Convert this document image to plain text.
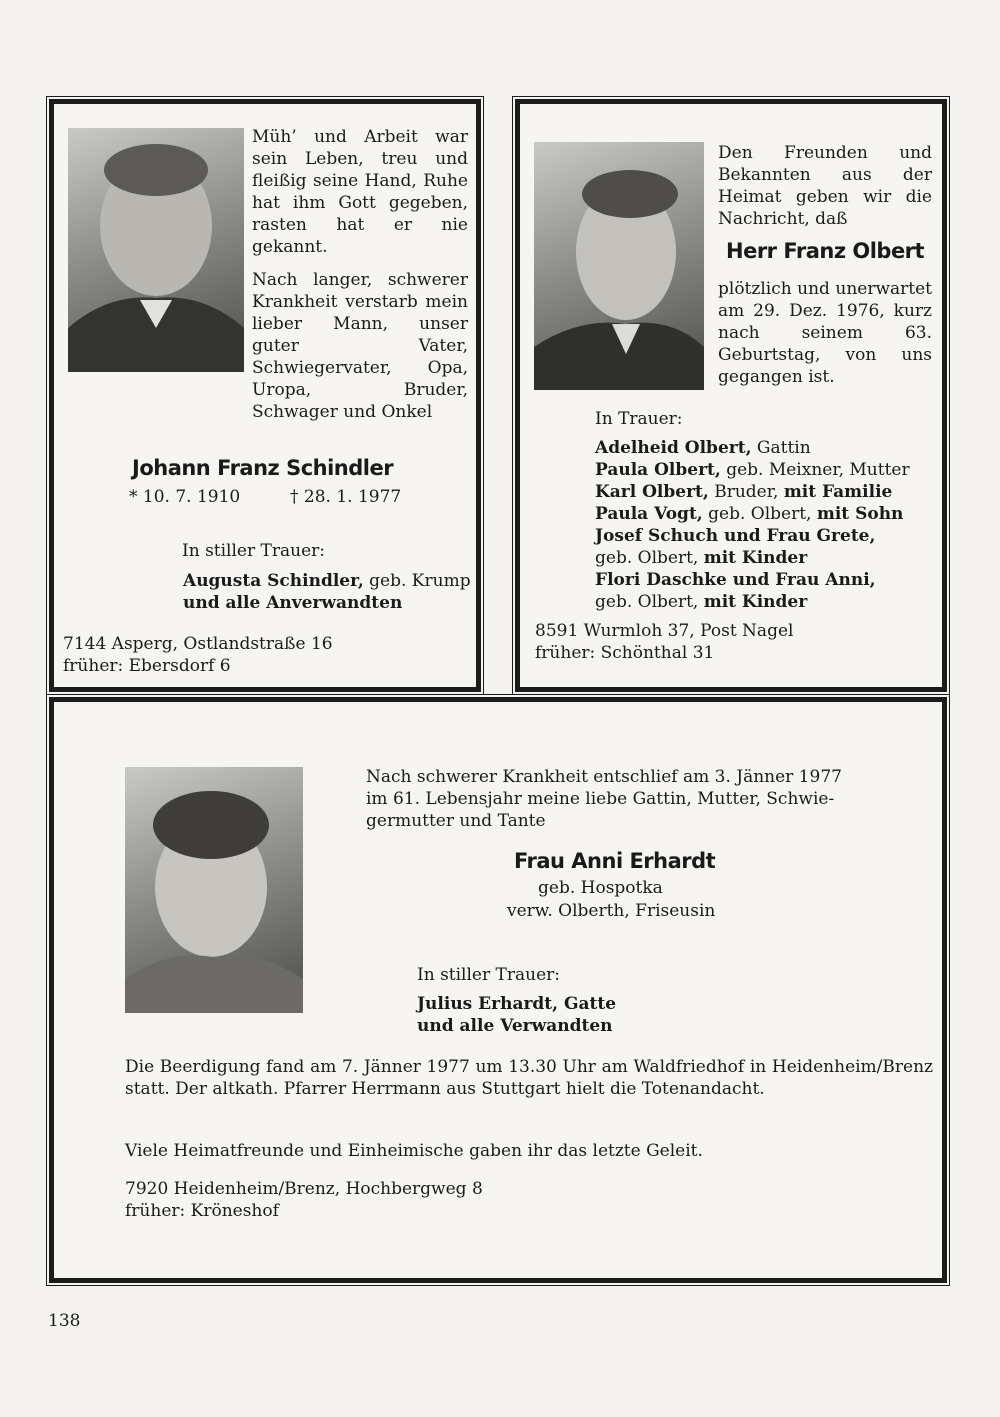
Müh’ und Arbeit war sein Leben, treu und fleißig seine Hand, Ruhe hat ihm Gott gegeben, rasten hat er nie gekannt.
Nach langer, schwerer Krankheit verstarb mein lieber Mann, unser guter Vater, Schwiegervater, Opa, Uropa, Bruder, Schwager und Onkel
Johann Franz Schindler
* 10. 7. 1910	† 28. 1. 1977
In stiller Trauer:
Augusta Schindler, geb. Krump
und alle Anverwandten
7144 Asperg, Ostlandstraße 16
früher: Ebersdorf 6
Den Freunden und Bekannten aus der Heimat geben wir die Nachricht, daß
Herr Franz Olbert
plötzlich und unerwartet am 29. Dez. 1976, kurz nach seinem 63. Geburtstag, von uns gegangen ist.
In Trauer:
Adelheid Olbert, Gattin
Paula Olbert, geb. Meixner, Mutter
Karl Olbert, Bruder, mit Familie
Paula Vogt, geb. Olbert, mit Sohn
Josef Schuch und Frau Grete,
geb. Olbert, mit Kinder
Flori Daschke und Frau Anni,
geb. Olbert, mit Kinder
8591 Wurmloh 37, Post Nagel
früher: Schönthal 31
Nach schwerer Krankheit entschlief am 3. Jänner 1977
im 61. Lebensjahr meine liebe Gattin, Mutter, Schwie-
germutter und Tante
Frau Anni Erhardt
geb. Hospotka
verw. Olberth, Friseusin
In stiller Trauer:
Julius Erhardt, Gatte
und alle Verwandten
Die Beerdigung fand am 7. Jänner 1977 um 13.30 Uhr am Waldfriedhof in Heidenheim/Brenz statt. Der altkath. Pfarrer Herrmann aus Stuttgart hielt die Totenandacht.
Viele Heimatfreunde und Einheimische gaben ihr das letzte Geleit.
7920 Heidenheim/Brenz, Hochbergweg 8
früher: Kröneshof
138
